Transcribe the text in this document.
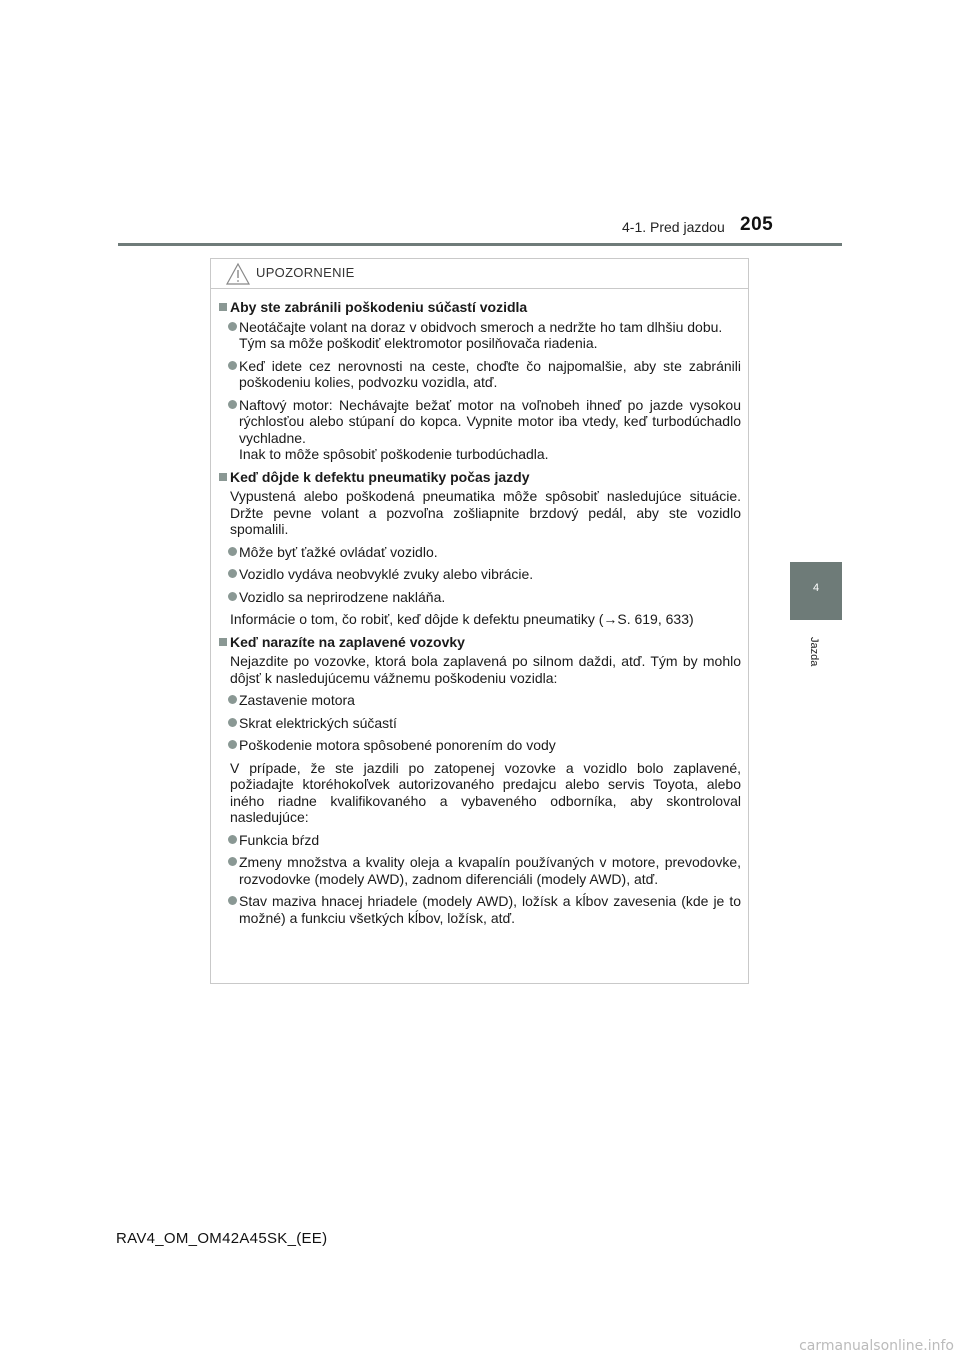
4-1. Pred jazdou 205
4
Jazda
UPOZORNENIE
Aby ste zabránili poškodeniu súčastí vozidla
Neotáčajte volant na doraz v obidvoch smeroch a nedržte ho tam dlhšiu dobu.
Tým sa môže poškodiť elektromotor posilňovača riadenia.
Keď idete cez nerovnosti na ceste, choďte čo najpomalšie, aby ste zabránili poškodeniu kolies, podvozku vozidla, atď.
Naftový motor: Nechávajte bežať motor na voľnobeh ihneď po jazde vysokou rýchlosťou alebo stúpaní do kopca. Vypnite motor iba vtedy, keď turbodúchadlo vychladne.
Inak to môže spôsobiť poškodenie turbodúchadla.
Keď dôjde k defektu pneumatiky počas jazdy
Vypustená alebo poškodená pneumatika môže spôsobiť nasledujúce situácie. Držte pevne volant a pozvoľna zošliapnite brzdový pedál, aby ste vozidlo spomalili.
Môže byť ťažké ovládať vozidlo.
Vozidlo vydáva neobvyklé zvuky alebo vibrácie.
Vozidlo sa neprirodzene nakláňa.
Informácie o tom, čo robiť, keď dôjde k defektu pneumatiky (→S. 619, 633)
Keď narazíte na zaplavené vozovky
Nejazdite po vozovke, ktorá bola zaplavená po silnom daždi, atď. Tým by mohlo dôjsť k nasledujúcemu vážnemu poškodeniu vozidla:
Zastavenie motora
Skrat elektrických súčastí
Poškodenie motora spôsobené ponorením do vody
V prípade, že ste jazdili po zatopenej vozovke a vozidlo bolo zaplavené, požiadajte ktoréhokoľvek autorizovaného predajcu alebo servis Toyota, alebo iného riadne kvalifikovaného a vybaveného odborníka, aby skontroloval nasledujúce:
Funkcia bŕzd
Zmeny množstva a kvality oleja a kvapalín používaných v motore, prevodovke, rozvodovke (modely AWD), zadnom diferenciáli (modely AWD), atď.
Stav maziva hnacej hriadele (modely AWD), ložísk a kĺbov zavesenia (kde je to možné) a funkciu všetkých kĺbov, ložísk, atď.
RAV4_OM_OM42A45SK_(EE)
carmanualsonline.info
